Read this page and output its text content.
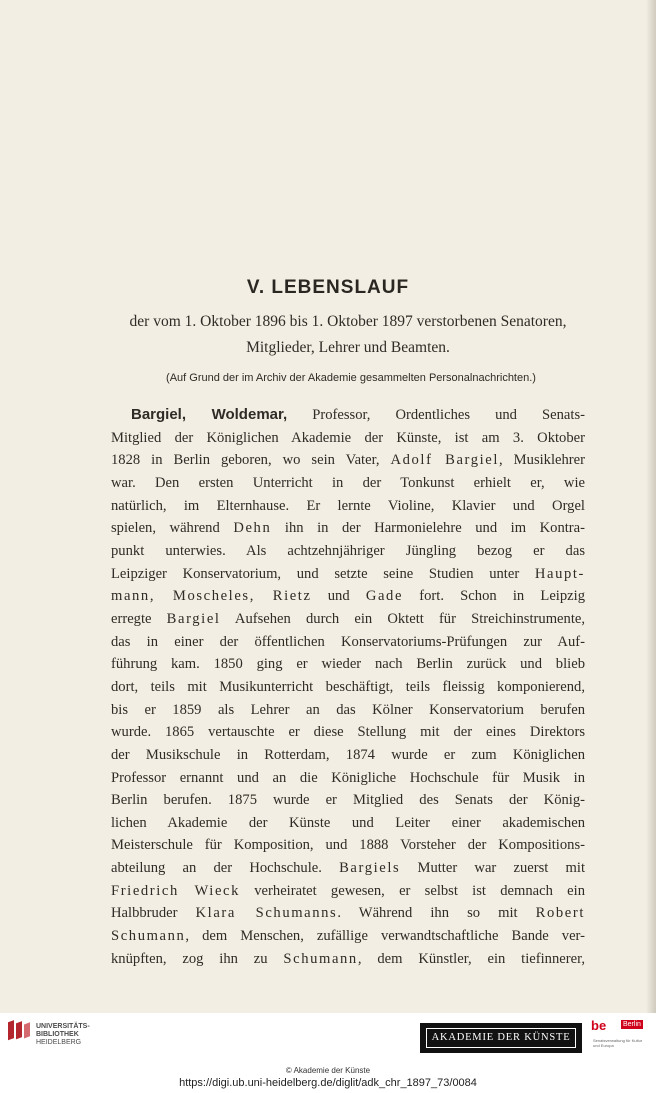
V. LEBENSLAUF
der vom 1. Oktober 1896 bis 1. Oktober 1897 verstorbenen Senatoren,
Mitglieder, Lehrer und Beamten.
(Auf Grund der im Archiv der Akademie gesammelten Personalnachrichten.)
Bargiel, Woldemar, Professor, Ordentliches und Senats-
Mitglied der Königlichen Akademie der Künste, ist am 3. Oktober
1828 in Berlin geboren, wo sein Vater, Adolf Bargiel, Musiklehrer
war. Den ersten Unterricht in der Tonkunst erhielt er, wie
natürlich, im Elternhause. Er lernte Violine, Klavier und Orgel
spielen, während Dehn ihn in der Harmonielehre und im Kontra-
punkt unterwies. Als achtzehnjähriger Jüngling bezog er das
Leipziger Konservatorium, und setzte seine Studien unter Haupt-
mann, Moscheles, Rietz und Gade fort. Schon in Leipzig
erregte Bargiel Aufsehen durch ein Oktett für Streichinstrumente,
das in einer der öffentlichen Konservatoriums-Prüfungen zur Auf-
führung kam. 1850 ging er wieder nach Berlin zurück und blieb
dort, teils mit Musikunterricht beschäftigt, teils fleissig komponierend,
bis er 1859 als Lehrer an das Kölner Konservatorium berufen
wurde. 1865 vertauschte er diese Stellung mit der eines Direktors
der Musikschule in Rotterdam, 1874 wurde er zum Königlichen
Professor ernannt und an die Königliche Hochschule für Musik in
Berlin berufen. 1875 wurde er Mitglied des Senats der König-
lichen Akademie der Künste und Leiter einer akademischen
Meisterschule für Komposition, und 1888 Vorsteher der Kompositions-
abteilung an der Hochschule. Bargiels Mutter war zuerst mit
Friedrich Wieck verheiratet gewesen, er selbst ist demnach ein
Halbbruder Klara Schumanns. Während ihn so mit Robert
Schumann, dem Menschen, zufällige verwandtschaftliche Bande ver-
knüpften, zog ihn zu Schumann, dem Künstler, ein tiefinnerer,
UNIVERSITÄTS-
BIBLIOTHEK
HEIDELBERG	AKADEMIE DER KÜNSTE
be Berlin
Senatsverwaltung für Kultur und Europa
© Akademie der Künste
https://digi.ub.uni-heidelberg.de/diglit/adk_chr_1897_73/0084
